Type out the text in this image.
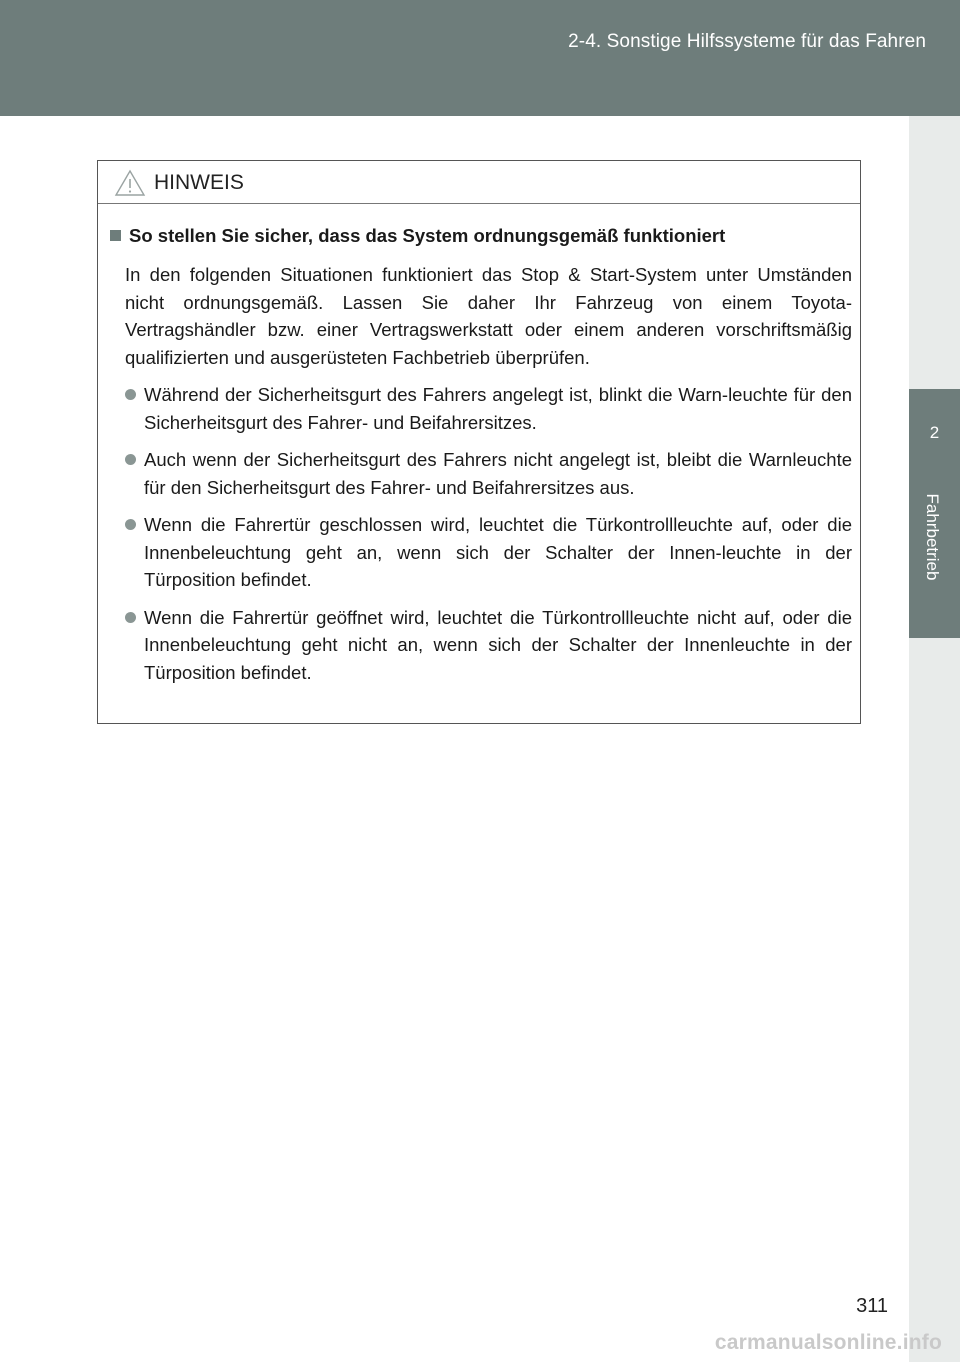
2-4. Sonstige Hilfssysteme für das Fahren
2
Fahrbetrieb
HINWEIS
So stellen Sie sicher, dass das System ordnungsgemäß funktioniert
In den folgenden Situationen funktioniert das Stop & Start-System unter Umständen nicht ordnungsgemäß. Lassen Sie daher Ihr Fahrzeug von einem Toyota-Vertragshändler bzw. einer Vertragswerkstatt oder einem anderen vorschriftsmäßig qualifizierten und ausgerüsteten Fachbetrieb überprüfen.
Während der Sicherheitsgurt des Fahrers angelegt ist, blinkt die Warn-leuchte für den Sicherheitsgurt des Fahrer- und Beifahrersitzes.
Auch wenn der Sicherheitsgurt des Fahrers nicht angelegt ist, bleibt die Warnleuchte für den Sicherheitsgurt des Fahrer- und Beifahrersitzes aus.
Wenn die Fahrertür geschlossen wird, leuchtet die Türkontrollleuchte auf, oder die Innenbeleuchtung geht an, wenn sich der Schalter der Innen-leuchte in der Türposition befindet.
Wenn die Fahrertür geöffnet wird, leuchtet die Türkontrollleuchte nicht auf, oder die Innenbeleuchtung geht nicht an, wenn sich der Schalter der Innenleuchte in der Türposition befindet.
311
carmanualsonline.info
